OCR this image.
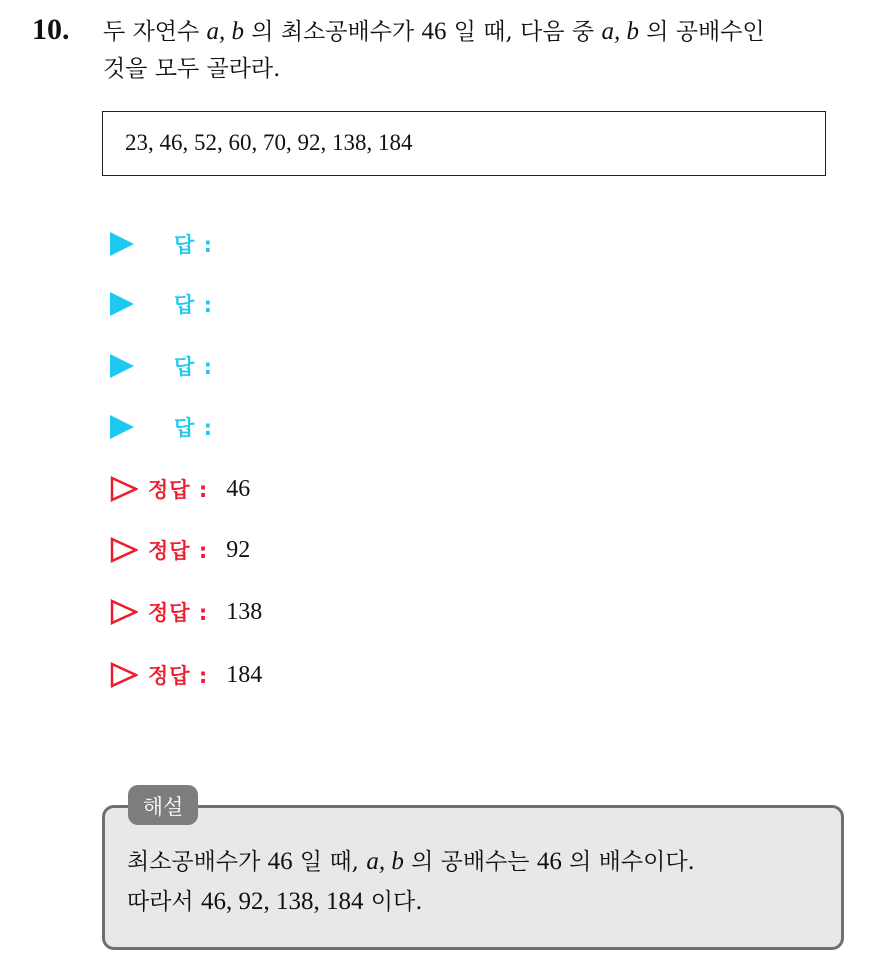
10. 두 자연수 a, b 의 최소공배수가 46 일 때, 다음 중 a, b 의 공배수인
것을 모두 골라라.
23, 46, 52, 60, 70, 92, 138, 184
답 :
답 :
답 :
답 :
정답 : 46
정답 : 92
정답 : 138
정답 : 184
해설
최소공배수가 46 일 때, a, b 의 공배수는 46 의 배수이다.
따라서 46, 92, 138, 184 이다.
